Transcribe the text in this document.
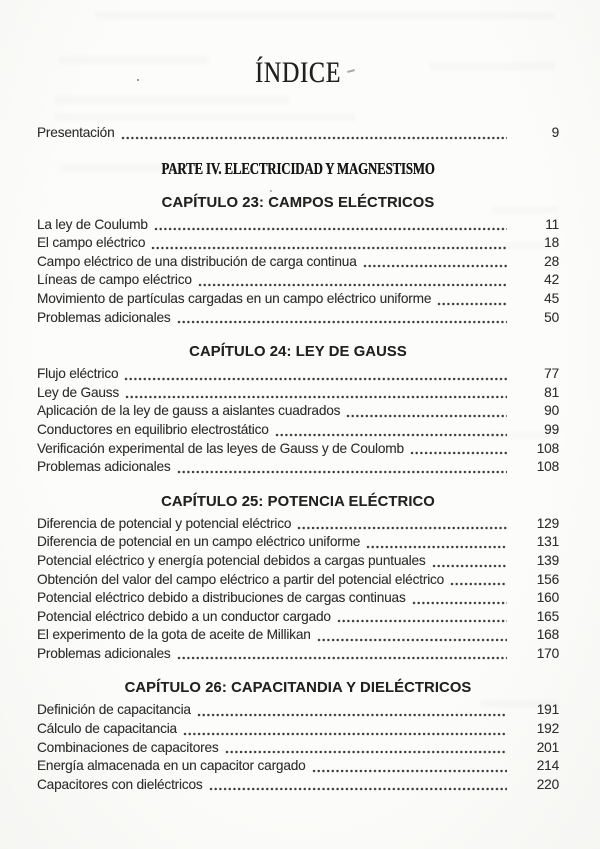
ÍNDICE
Presentación	9
PARTE IV. ELECTRICIDAD Y MAGNESTISMO
CAPÍTULO 23: CAMPOS ELÉCTRICOS
La ley de Coulumb	11
El campo eléctrico	18
Campo eléctrico de una distribución de carga continua	28
Líneas de campo eléctrico	42
Movimiento de partículas cargadas en un campo eléctrico uniforme	45
Problemas adicionales	50
CAPÍTULO 24: LEY DE GAUSS
Flujo eléctrico	77
Ley de Gauss	81
Aplicación de la ley de gauss a aislantes cuadrados	90
Conductores en equilibrio electrostático	99
Verificación experimental de las leyes de Gauss y de Coulomb	108
Problemas adicionales	108
CAPÍTULO 25: POTENCIA ELÉCTRICO
Diferencia de potencial y potencial eléctrico	129
Diferencia de potencial en un campo eléctrico uniforme	131
Potencial eléctrico y energía potencial debidos a cargas puntuales	139
Obtención del valor del campo eléctrico a partir del potencial eléctrico	156
Potencial eléctrico debido a distribuciones de cargas continuas	160
Potencial eléctrico debido a un conductor cargado	165
El experimento de la gota de aceite de Millikan	168
Problemas adicionales	170
CAPÍTULO 26: CAPACITANDIA Y DIELÉCTRICOS
Definición de capacitancia	191
Cálculo de capacitancia	192
Combinaciones de capacitores	201
Energía almacenada en un capacitor cargado	214
Capacitores con dieléctricos	220
